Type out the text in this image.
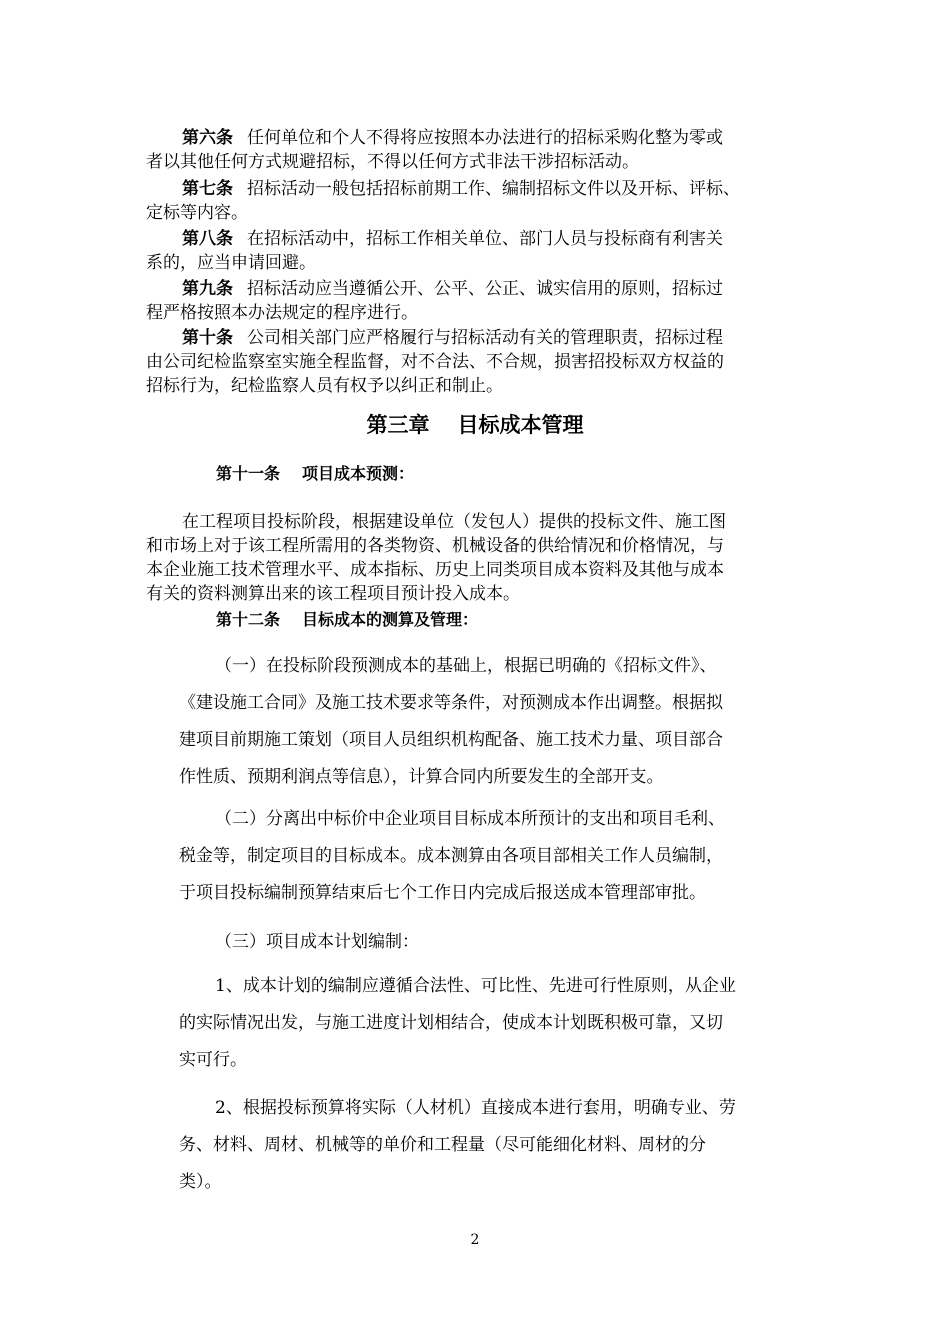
第六条 任何单位和个人不得将应按照本办法进行的招标采购化整为零或
者以其他任何方式规避招标，不得以任何方式非法干涉招标活动。
第七条 招标活动一般包括招标前期工作、编制招标文件以及开标、评标、
定标等内容。
第八条 在招标活动中，招标工作相关单位、部门人员与投标商有利害关
系的，应当申请回避。
第九条 招标活动应当遵循公开、公平、公正、诚实信用的原则，招标过
程严格按照本办法规定的程序进行。
第十条 公司相关部门应严格履行与招标活动有关的管理职责，招标过程
由公司纪检监察室实施全程监督，对不合法、不合规，损害招投标双方权益的
招标行为，纪检监察人员有权予以纠正和制止。
第三章 目标成本管理
第十一条 项目成本预测：
在工程项目投标阶段，根据建设单位（发包人）提供的投标文件、施工图
和市场上对于该工程所需用的各类物资、机械设备的供给情况和价格情况，与
本企业施工技术管理水平、成本指标、历史上同类项目成本资料及其他与成本
有关的资料测算出来的该工程项目预计投入成本。
第十二条 目标成本的测算及管理：
（一）在投标阶段预测成本的基础上，根据已明确的《招标文件》、
《建设施工合同》及施工技术要求等条件，对预测成本作出调整。根据拟
建项目前期施工策划（项目人员组织机构配备、施工技术力量、项目部合
作性质、预期利润点等信息），计算合同内所要发生的全部开支。
（二）分离出中标价中企业项目目标成本所预计的支出和项目毛利、
税金等，制定项目的目标成本。成本测算由各项目部相关工作人员编制，
于项目投标编制预算结束后七个工作日内完成后报送成本管理部审批。
（三）项目成本计划编制：
1、成本计划的编制应遵循合法性、可比性、先进可行性原则，从企业
的实际情况出发，与施工进度计划相结合，使成本计划既积极可靠，又切
实可行。
2、根据投标预算将实际（人材机）直接成本进行套用，明确专业、劳
务、材料、周材、机械等的单价和工程量（尽可能细化材料、周材的分
类）。
2
